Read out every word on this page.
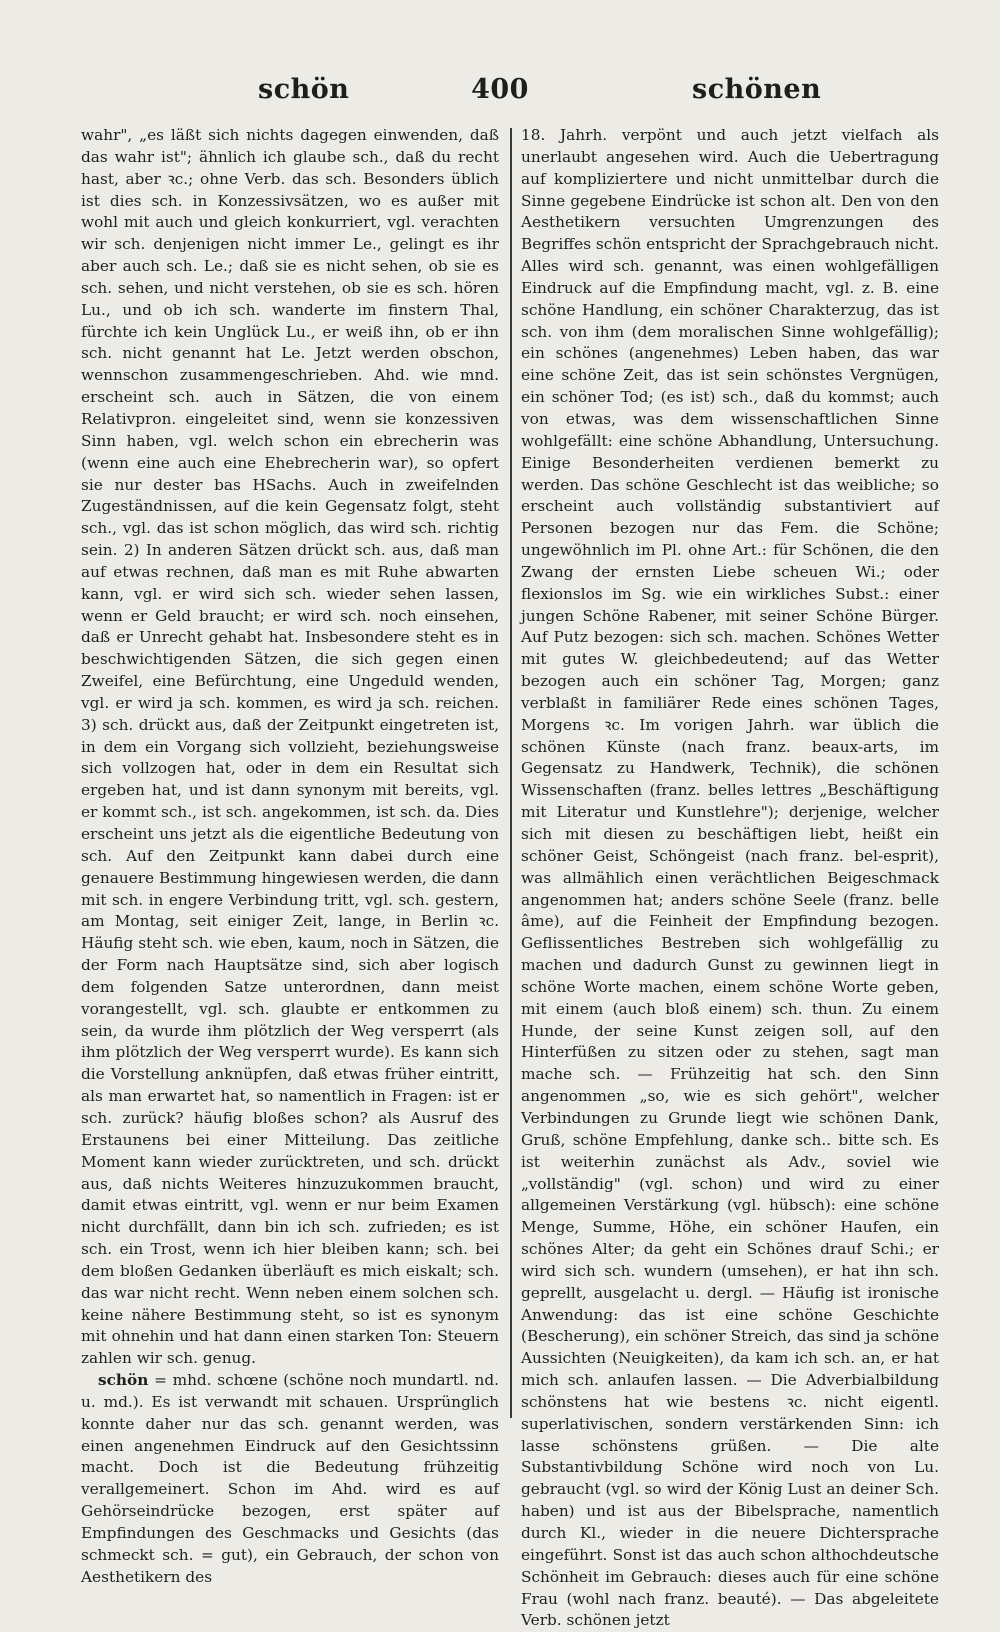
schön	400	schönen

wahr", „es läßt sich nichts dagegen einwenden, daß das wahr ist"; ähnlich ich glaube sch., daß du recht hast, aber ꝛc.; ohne Verb. das sch. Besonders üblich ist dies sch. in Konzessivsätzen, wo es außer mit wohl mit auch und gleich konkurriert, vgl. verachten wir sch. denjenigen nicht immer Le., gelingt es ihr aber auch sch. Le.; daß sie es nicht sehen, ob sie es sch. sehen, und nicht verstehen, ob sie es sch. hören Lu., und ob ich sch. wanderte im finstern Thal, fürchte ich kein Unglück Lu., er weiß ihn, ob er ihn sch. nicht genannt hat Le. Jetzt werden obschon, wennschon zusammengeschrieben. Ahd. wie mnd. erscheint sch. auch in Sätzen, die von einem Relativpron. eingeleitet sind, wenn sie konzessiven Sinn haben, vgl. welch schon ein ebrecherin was (wenn eine auch eine Ehebrecherin war), so opfert sie nur dester bas HSachs. Auch in zweifelnden Zugeständnissen, auf die kein Gegensatz folgt, steht sch., vgl. das ist schon möglich, das wird sch. richtig sein. 2) In anderen Sätzen drückt sch. aus, daß man auf etwas rechnen, daß man es mit Ruhe abwarten kann, vgl. er wird sich sch. wieder sehen lassen, wenn er Geld braucht; er wird sch. noch einsehen, daß er Unrecht gehabt hat. Insbesondere steht es in beschwichtigenden Sätzen, die sich gegen einen Zweifel, eine Befürchtung, eine Ungeduld wenden, vgl. er wird ja sch. kommen, es wird ja sch. reichen. 3) sch. drückt aus, daß der Zeitpunkt eingetreten ist, in dem ein Vorgang sich vollzieht, beziehungsweise sich vollzogen hat, oder in dem ein Resultat sich ergeben hat, und ist dann synonym mit bereits, vgl. er kommt sch., ist sch. angekommen, ist sch. da. Dies erscheint uns jetzt als die eigentliche Bedeutung von sch. Auf den Zeitpunkt kann dabei durch eine genauere Bestimmung hingewiesen werden, die dann mit sch. in engere Verbindung tritt, vgl. sch. gestern, am Montag, seit einiger Zeit, lange, in Berlin ꝛc. Häufig steht sch. wie eben, kaum, noch in Sätzen, die der Form nach Hauptsätze sind, sich aber logisch dem folgenden Satze unterordnen, dann meist vorangestellt, vgl. sch. glaubte er entkommen zu sein, da wurde ihm plötzlich der Weg versperrt (als ihm plötzlich der Weg versperrt wurde). Es kann sich die Vorstellung anknüpfen, daß etwas früher eintritt, als man erwartet hat, so namentlich in Fragen: ist er sch. zurück? häufig bloßes schon? als Ausruf des Erstaunens bei einer Mitteilung. Das zeitliche Moment kann wieder zurücktreten, und sch. drückt aus, daß nichts Weiteres hinzuzukommen braucht, damit etwas eintritt, vgl. wenn er nur beim Examen nicht durchfällt, dann bin ich sch. zufrieden; es ist sch. ein Trost, wenn ich hier bleiben kann; sch. bei dem bloßen Gedanken überläuft es mich eiskalt; sch. das war nicht recht. Wenn neben einem solchen sch. keine nähere Bestimmung steht, so ist es synonym mit ohnehin und hat dann einen starken Ton: Steuern zahlen wir sch. genug.

schön = mhd. schœne (schöne noch mundartl. nd. u. md.). Es ist verwandt mit schauen. Ursprünglich konnte daher nur das sch. genannt werden, was einen angenehmen Eindruck auf den Gesichtssinn macht. Doch ist die Bedeutung frühzeitig verallgemeinert. Schon im Ahd. wird es auf Gehörseindrücke bezogen, erst später auf Empfindungen des Geschmacks und Gesichts (das schmeckt sch. = gut), ein Gebrauch, der schon von Aesthetikern des

18. Jahrh. verpönt und auch jetzt vielfach als unerlaubt angesehen wird. Auch die Uebertragung auf kompliziertere und nicht unmittelbar durch die Sinne gegebene Eindrücke ist schon alt. Den von den Aesthetikern versuchten Umgrenzungen des Begriffes schön entspricht der Sprachgebrauch nicht. Alles wird sch. genannt, was einen wohlgefälligen Eindruck auf die Empfindung macht, vgl. z. B. eine schöne Handlung, ein schöner Charakterzug, das ist sch. von ihm (dem moralischen Sinne wohlgefällig); ein schönes (angenehmes) Leben haben, das war eine schöne Zeit, das ist sein schönstes Vergnügen, ein schöner Tod; (es ist) sch., daß du kommst; auch von etwas, was dem wissenschaftlichen Sinne wohlgefällt: eine schöne Abhandlung, Untersuchung. Einige Besonderheiten verdienen bemerkt zu werden. Das schöne Geschlecht ist das weibliche; so erscheint auch vollständig substantiviert auf Personen bezogen nur das Fem. die Schöne; ungewöhnlich im Pl. ohne Art.: für Schönen, die den Zwang der ernsten Liebe scheuen Wi.; oder flexionslos im Sg. wie ein wirkliches Subst.: einer jungen Schöne Rabener, mit seiner Schöne Bürger. Auf Putz bezogen: sich sch. machen. Schönes Wetter mit gutes W. gleichbedeutend; auf das Wetter bezogen auch ein schöner Tag, Morgen; ganz verblaßt in familiärer Rede eines schönen Tages, Morgens ꝛc. Im vorigen Jahrh. war üblich die schönen Künste (nach franz. beaux-arts, im Gegensatz zu Handwerk, Technik), die schönen Wissenschaften (franz. belles lettres „Beschäftigung mit Literatur und Kunstlehre"); derjenige, welcher sich mit diesen zu beschäftigen liebt, heißt ein schöner Geist, Schöngeist (nach franz. bel-esprit), was allmählich einen verächtlichen Beigeschmack angenommen hat; anders schöne Seele (franz. belle âme), auf die Feinheit der Empfindung bezogen. Geflissentliches Bestreben sich wohlgefällig zu machen und dadurch Gunst zu gewinnen liegt in schöne Worte machen, einem schöne Worte geben, mit einem (auch bloß einem) sch. thun. Zu einem Hunde, der seine Kunst zeigen soll, auf den Hinterfüßen zu sitzen oder zu stehen, sagt man mache sch. — Frühzeitig hat sch. den Sinn angenommen „so, wie es sich gehört", welcher Verbindungen zu Grunde liegt wie schönen Dank, Gruß, schöne Empfehlung, danke sch.. bitte sch. Es ist weiterhin zunächst als Adv., soviel wie „vollständig" (vgl. schon) und wird zu einer allgemeinen Verstärkung (vgl. hübsch): eine schöne Menge, Summe, Höhe, ein schöner Haufen, ein schönes Alter; da geht ein Schönes drauf Schi.; er wird sich sch. wundern (umsehen), er hat ihn sch. geprellt, ausgelacht u. dergl. — Häufig ist ironische Anwendung: das ist eine schöne Geschichte (Bescherung), ein schöner Streich, das sind ja schöne Aussichten (Neuigkeiten), da kam ich sch. an, er hat mich sch. anlaufen lassen. — Die Adverbialbildung schönstens hat wie bestens ꝛc. nicht eigentl. superlativischen, sondern verstärkenden Sinn: ich lasse schönstens grüßen. — Die alte Substantivbildung Schöne wird noch von Lu. gebraucht (vgl. so wird der König Lust an deiner Sch. haben) und ist aus der Bibelsprache, namentlich durch Kl., wieder in die neuere Dichtersprache eingeführt. Sonst ist das auch schon althochdeutsche Schönheit im Gebrauch: dieses auch für eine schöne Frau (wohl nach franz. beauté). — Das abgeleitete Verb. schönen jetzt
